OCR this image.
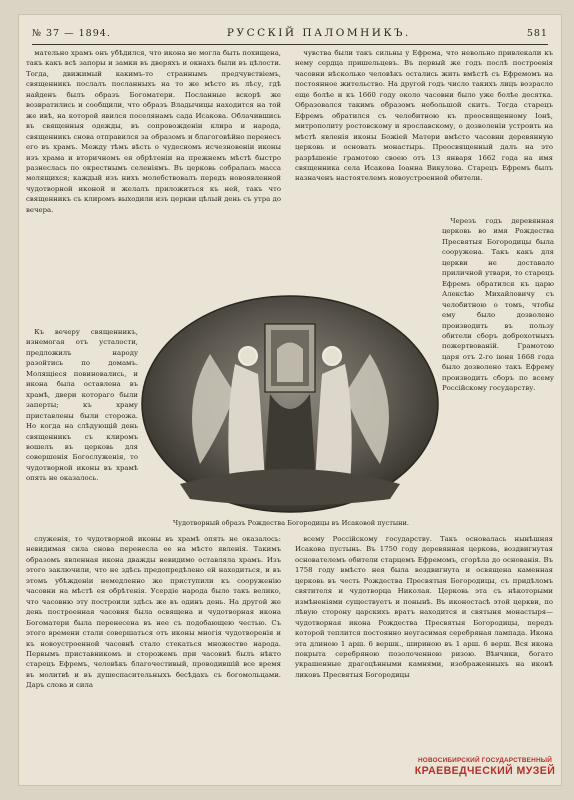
№ 37 — 1894.	РУССКІЙ ПАЛОМНИКЪ.	581

мательно храмъ онъ убѣдился, что икона не могла быть похищена, такъ какъ всѣ запоры и замки въ дверяхъ и окнахъ были въ цѣлости. Тогда, движимый какимъ-то страннымъ предчувствіемъ, священникъ послалъ посланныхъ на то же мѣсто въ лѣсу, гдѣ найденъ былъ образъ Богоматери. Посланные вскорѣ же возвратились и сообщили, что образъ Владычицы находится на той же ивѣ, на которой явился поселянамъ сада Исакова. Облачившись въ священныя одежды, въ сопровожденіи клира и народа, священникъ снова отправился за образомъ и благоговѣйно перенесъ его въ храмъ. Между тѣмъ вѣсть о чудесномъ исчезновеніи иконы изъ храма и вторичномъ ея обрѣтеніи на прежнемъ мѣстѣ быстро разнеслась по окрестнымъ селеніямъ. Въ церковь собралась масса молящихся; каждый изъ нихъ молебствовалъ передъ новоявленной чудотворной иконой и желалъ приложиться къ ней, такъ что священникъ съ клиромъ выходили изъ церкви цѣлый день съ утра до вечера.

Къ вечеру священникъ, изнемогая отъ усталости, предложилъ народу разойтись по домамъ. Молящіеся повиновались, и икона была оставлена въ храмѣ, двери котораго были заперты; къ храму приставлены были сторожа. Но когда на слѣдующій день священникъ съ клиромъ вошелъ въ церковь для совершенія Богослуженія, то чудотворной иконы въ храмѣ опять не оказалось.

чувства были такъ сильны у Ефрема, что невольно привлекали къ нему сердца пришельцевъ. Въ первый же годъ послѣ построенія часовни нѣсколько человѣкъ остались жить вмѣстѣ съ Ефремомъ на постоянное жительство. На другой годъ число такихъ лицъ возрасло еще болѣе и къ 1660 году около часовни было уже болѣе десятка. Образовался такимъ образомъ небольшой скитъ. Тогда старецъ Ефремъ обратился съ челобитною къ преосвященному Іонѣ, митрополиту ростовскому и ярославскому, о дозволеніи устроить на мѣстѣ явленія иконы Божіей Матери вмѣсто часовни деревянную церковь и основать монастырь. Преосвященный далъ на это разрѣшеніе грамотою своею отъ 13 января 1662 года на имя священника села Исакова Іоанна Викулова. Старецъ Ефремъ былъ назначенъ настоятелемъ новоустроенной обители.

Черезъ годъ деревянная церковь во имя Рождества Пресвятыя Богородицы была сооружена. Такъ какъ для церкви не доставало приличной утвари, то старецъ Ефремъ обратился къ царю Алексѣю Михайловичу съ челобитною о томъ, чтобы ему было дозволено производить въ пользу обители сборъ доброхотныхъ пожертвованій. Грамотою царя отъ 2-го іюня 1668 года было дозволено такъ Ефрему производить сборъ по всему Россійскому государству.

Чудотворный образъ Рождества Богородицы въ Исаковой пустыни.

служенія, то чудотворной иконы въ храмѣ опять не оказалось: невидимая сила снова перенесла ее на мѣсто явленія. Такимъ образомъ явленная икона дважды невидимо оставляла храмъ. Изъ этого заключили, что не здѣсь предопредѣлено ей находиться, и въ этомъ убѣжденіи немедленно же приступили къ сооруженію часовни на мѣстѣ ея обрѣтенія. Усердіе народа было такъ велико, что часовню эту построили здѣсь же въ одинъ день. На другой же день построенная часовня была освящена и чудотворная икона Богоматери была перенесена въ нее съ подобающею честью. Съ этого времени стали совершаться отъ иконы многія чудотворенія и къ новоустроенной часовнѣ стало стекаться множество народа. Первымъ приставникомъ и сторожемъ при часовнѣ былъ нѣкто старецъ Ефремъ, человѣкъ благочестивый, проводившій все время въ молитвѣ и въ душеспасительныхъ бесѣдахъ съ богомольцами. Даръ слова и сила

всему Россійскому государству. Такъ основалась нынѣшняя Исакова пустынь. Въ 1750 году деревянная церковь, воздвигнутая основателемъ обители старцемъ Ефремомъ, сгорѣла до основанія. Въ 1758 году вмѣсто нея была воздвигнута и освящена каменная церковь въ честь Рождества Пресвятыя Богородицы, съ придѣломъ святителя и чудотворца Николая. Церковь эта съ нѣкоторыми измѣненіями существуетъ и понынѣ. Въ иконостасѣ этой церкви, по лѣвую сторону царскихъ вратъ находится и святыня монастыря—чудотворная икона Рождества Пресвятыя Богородицы, передъ которой теплится постоянно неугасимая серебряная лампада. Икона эта длиною 1 арш. 6 вершк., шириною въ 1 арш. 6 верш. Вся икона покрыта серебряною позолоченною ризою. Вѣнчики, богато украшенные драгоцѣнными камнями, изображенныхъ на иконѣ ликовъ Пресвятыя Богородицы

НОВОСИБИРСКИЙ ГОСУДАРСТВЕННЫЙ
КРАЕВЕДЧЕСКИЙ МУЗЕЙ
